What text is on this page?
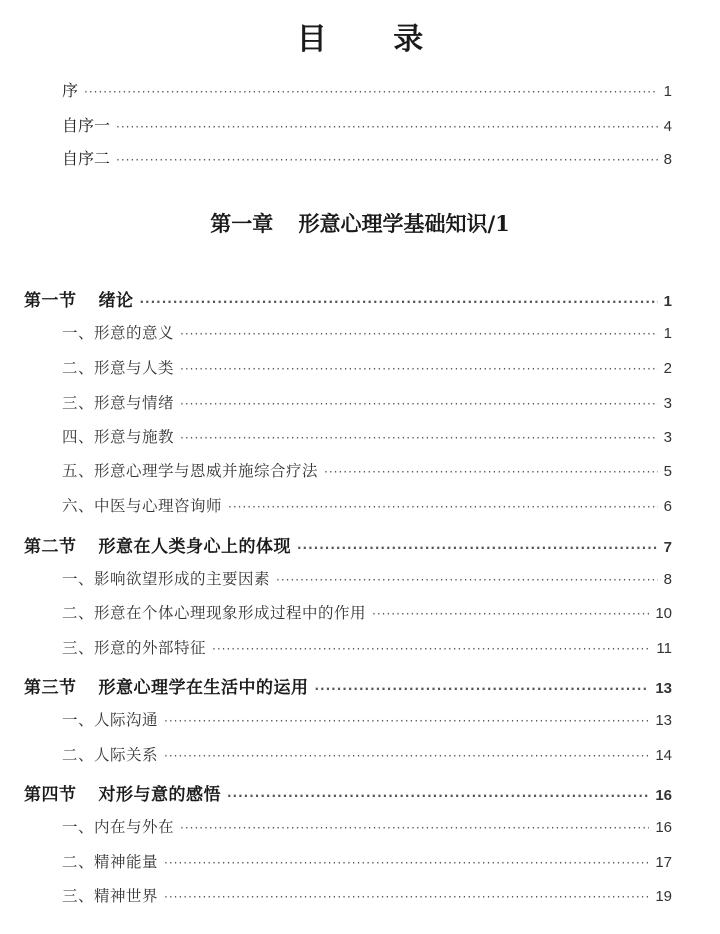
目 录
序 ·····	1
自序一 ·····	4
自序二 ·····	8
第一章 形意心理学基础知识/1
第一节 绪论 ·····	1
一、形意的意义 ·····	1
二、形意与人类 ·····	2
三、形意与情绪 ·····	3
四、形意与施教 ·····	3
五、形意心理学与恩威并施综合疗法 ·····	5
六、中医与心理咨询师 ·····	6
第二节 形意在人类身心上的体现 ·····	7
一、影响欲望形成的主要因素 ·····	8
二、形意在个体心理现象形成过程中的作用 ·····	10
三、形意的外部特征 ·····	11
第三节 形意心理学在生活中的运用 ·····	13
一、人际沟通 ·····	13
二、人际关系 ·····	14
第四节 对形与意的感悟 ·····	16
一、内在与外在 ·····	16
二、精神能量 ·····	17
三、精神世界 ·····	19
